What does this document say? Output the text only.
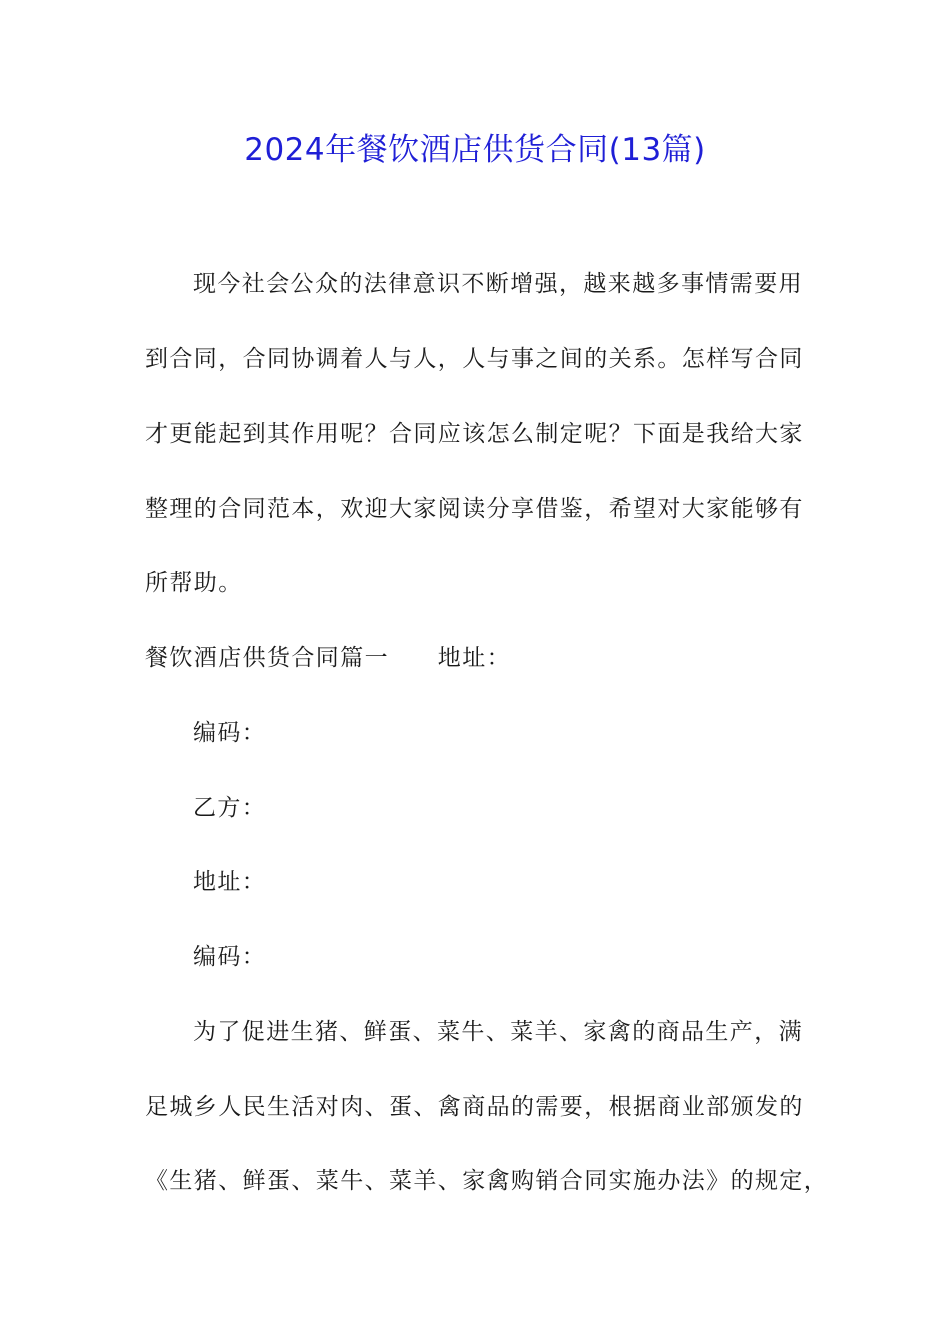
2024年餐饮酒店供货合同(13篇)
现今社会公众的法律意识不断增强，越来越多事情需要用
到合同，合同协调着人与人，人与事之间的关系。怎样写合同
才更能起到其作用呢？合同应该怎么制定呢？下面是我给大家
整理的合同范本，欢迎大家阅读分享借鉴，希望对大家能够有
所帮助。
餐饮酒店供货合同篇一　　地址：
编码：
乙方：
地址：
编码：
为了促进生猪、鲜蛋、菜牛、菜羊、家禽的商品生产，满
足城乡人民生活对肉、蛋、禽商品的需要，根据商业部颁发的
《生猪、鲜蛋、菜牛、菜羊、家禽购销合同实施办法》的规定，
